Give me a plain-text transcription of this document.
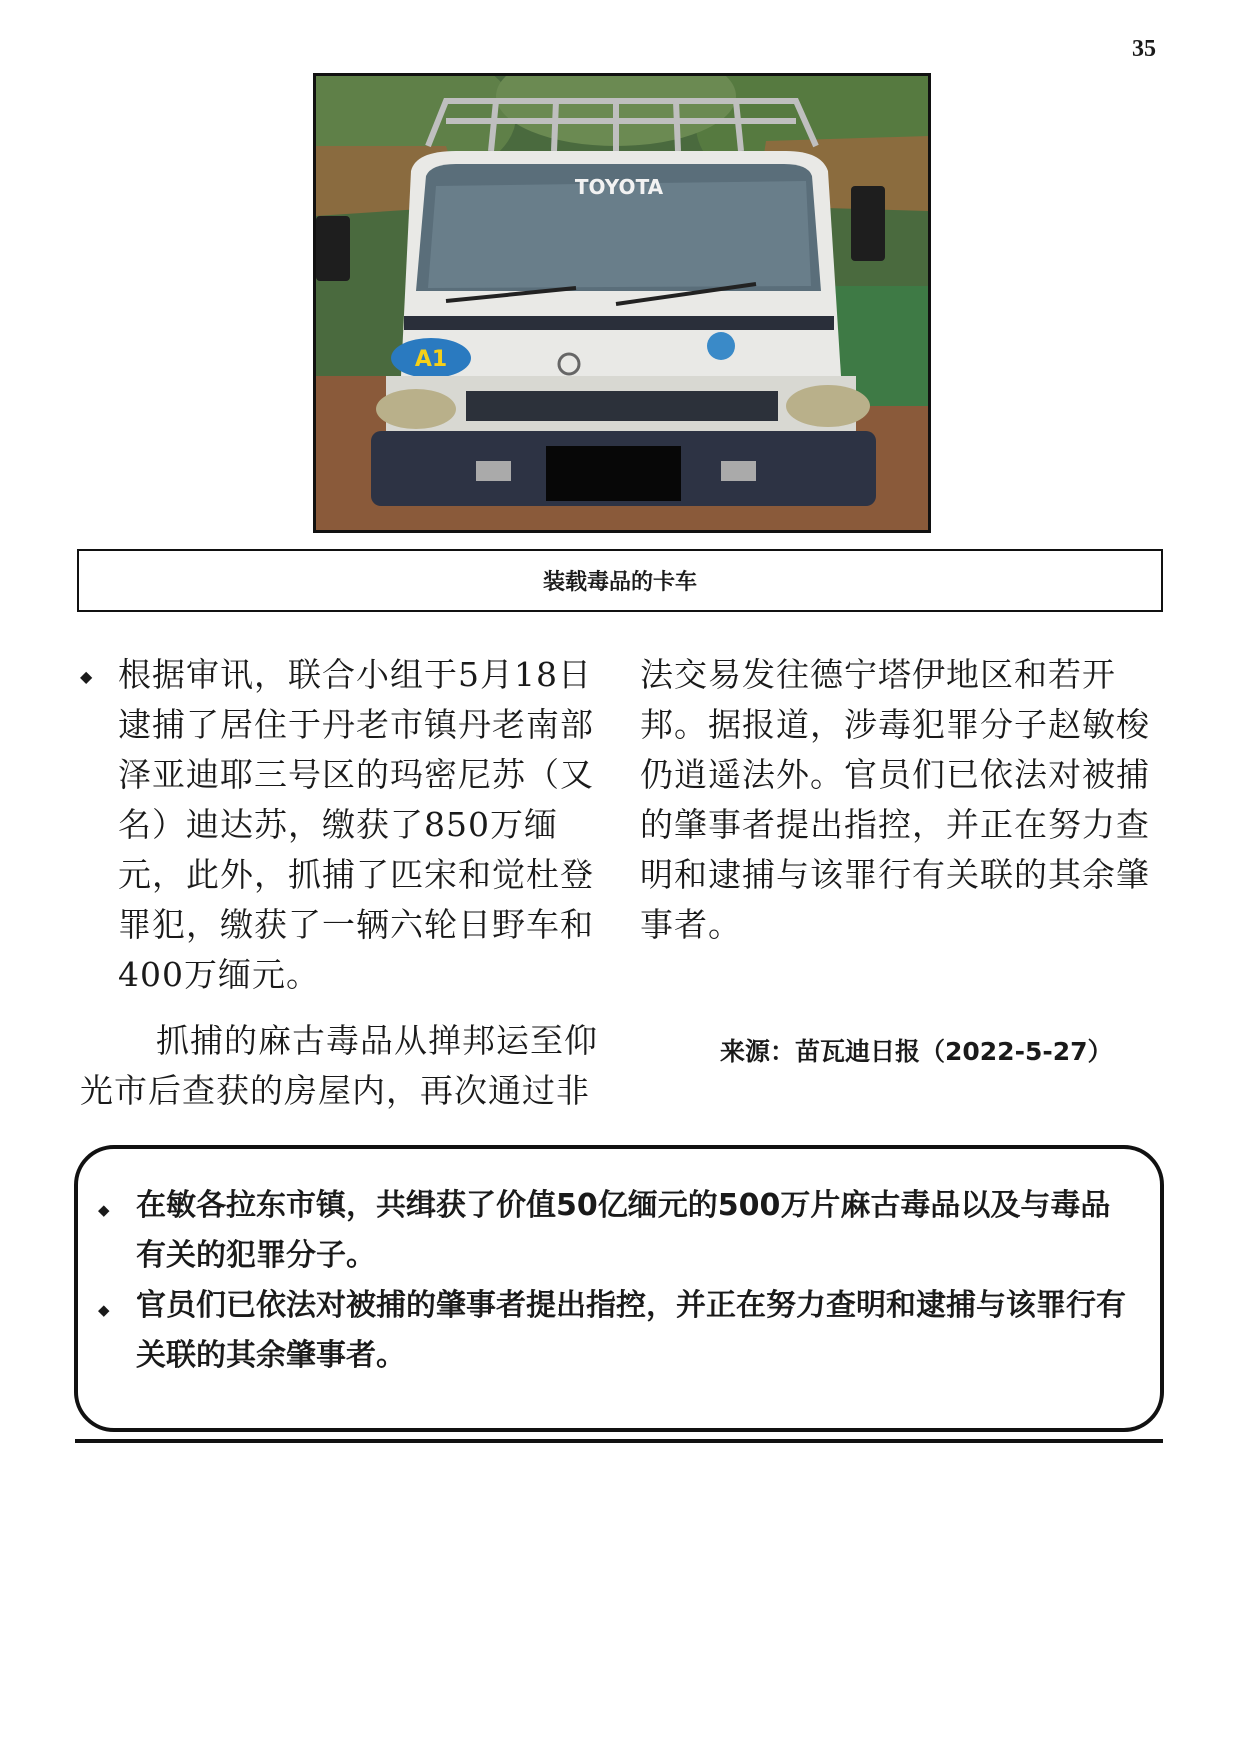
35
TOYOTA
A1
装载毒品的卡车

◆ 根据审讯，联合小组于5月18日逮捕了居住于丹老市镇丹老南部泽亚迪耶三号区的玛密尼苏（又名）迪达苏，缴获了850万缅元，此外，抓捕了匹宋和觉杜登罪犯，缴获了一辆六轮日野车和400万缅元。

抓捕的麻古毒品从掸邦运至仰光市后查获的房屋内，再次通过非

法交易发往德宁塔伊地区和若开邦。据报道，涉毒犯罪分子赵敏梭仍逍遥法外。官员们已依法对被捕的肇事者提出指控，并正在努力查明和逮捕与该罪行有关联的其余肇事者。

来源：苗瓦迪日报（2022-5-27）

◆ 在敏各拉东市镇，共缉获了价值50亿缅元的500万片麻古毒品以及与毒品有关的犯罪分子。

◆ 官员们已依法对被捕的肇事者提出指控，并正在努力查明和逮捕与该罪行有关联的其余肇事者。
